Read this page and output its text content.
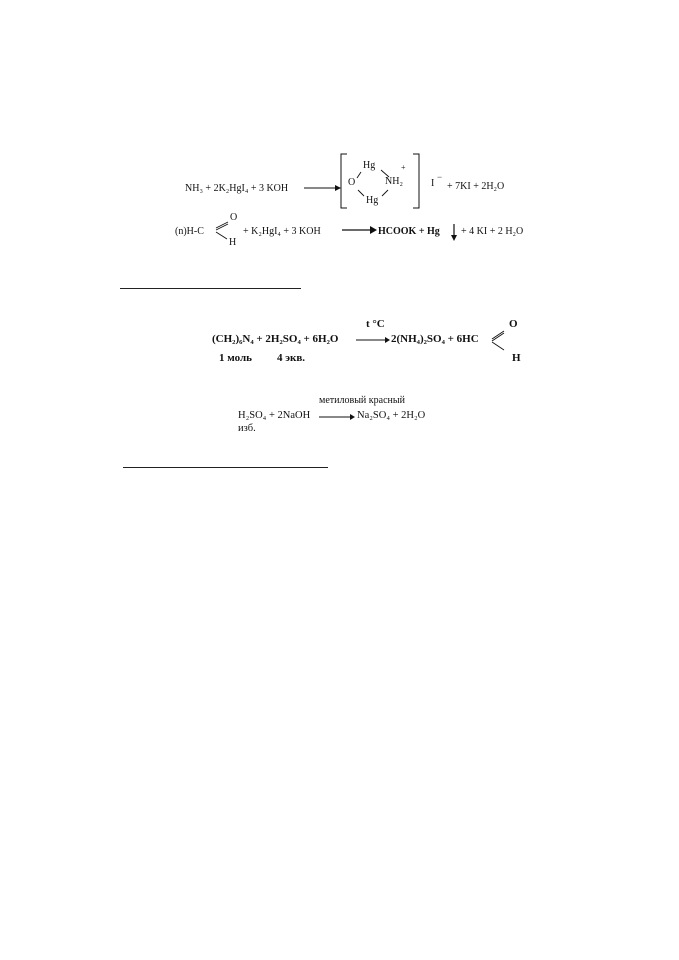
NH₃ + 2K₂HgI₄ + 3 KOH →
Hg	+
O	NH₂
Hg
I
−
+ 7KI + 2H₂O
(n)H-C
O
H
+ K₂HgI₄ + 3 KOH → HCOOK + Hg + 4 KI + 2 H₂O
t °C
(CH₂)₆N₄ + 2H₂SO₄ + 6H₂O → 2(NH₄)₂SO₄ + 6HC
O
H
1 моль 4 экв.
метиловый красный
H₂SO₄ + 2NaOH → Na₂SO₄ + 2H₂O
изб.
